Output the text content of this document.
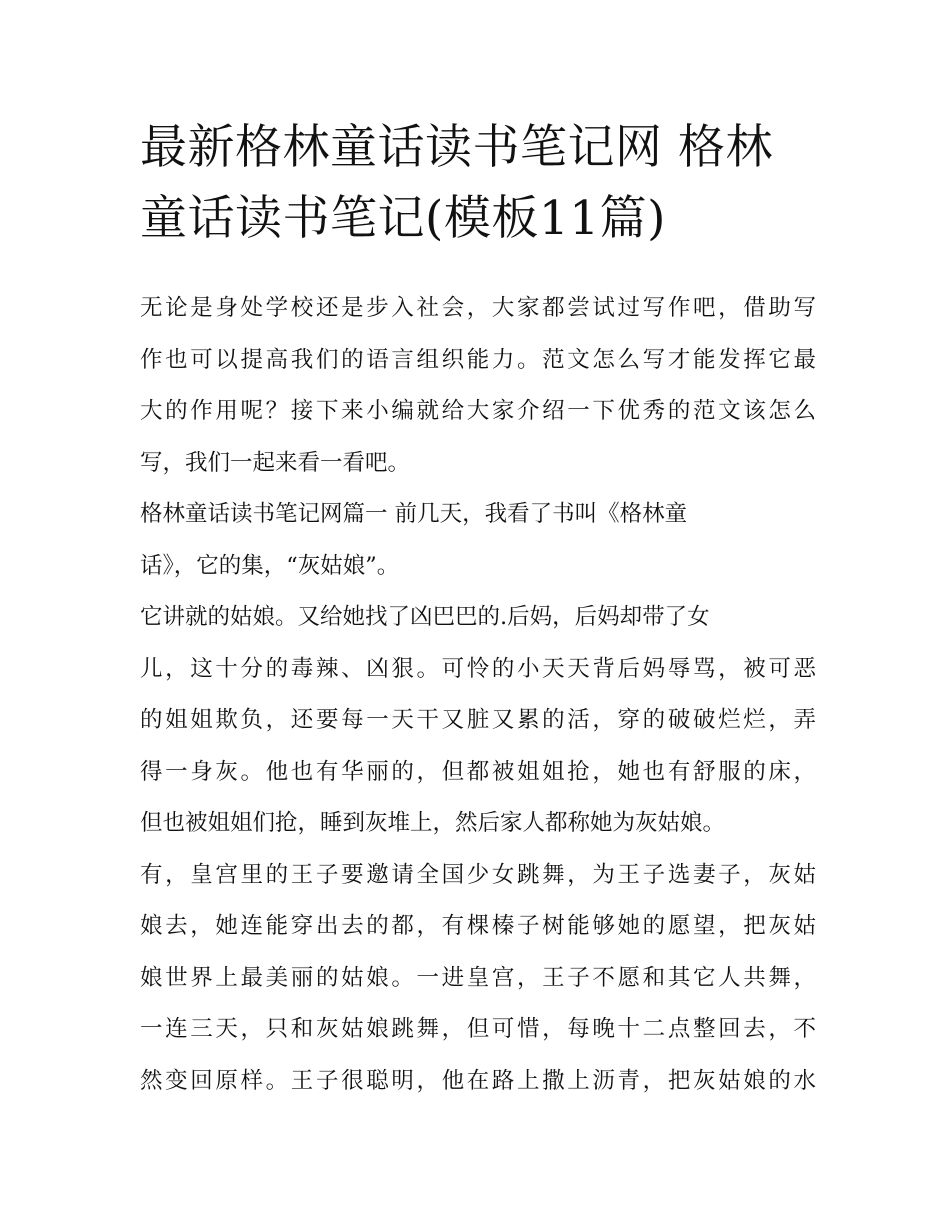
最新格林童话读书笔记网 格林
童话读书笔记(模板11篇)
无论是身处学校还是步入社会，大家都尝试过写作吧，借助写
作也可以提高我们的语言组织能力。范文怎么写才能发挥它最
大的作用呢？接下来小编就给大家介绍一下优秀的范文该怎么
写，我们一起来看一看吧。
格林童话读书笔记网篇一 前几天，我看了书叫《格林童
话》，它的集，“灰姑娘”。
它讲就的姑娘。又给她找了凶巴巴的.后妈，后妈却带了女
儿，这十分的毒辣、凶狠。可怜的小天天背后妈辱骂，被可恶
的姐姐欺负，还要每一天干又脏又累的活，穿的破破烂烂，弄
得一身灰。他也有华丽的，但都被姐姐抢，她也有舒服的床，
但也被姐姐们抢，睡到灰堆上，然后家人都称她为灰姑娘。
有，皇宫里的王子要邀请全国少女跳舞，为王子选妻子，灰姑
娘去，她连能穿出去的都，有棵榛子树能够她的愿望，把灰姑
娘世界上最美丽的姑娘。一进皇宫，王子不愿和其它人共舞，
一连三天，只和灰姑娘跳舞，但可惜，每晚十二点整回去，不
然变回原样。王子很聪明，他在路上撒上沥青，把灰姑娘的水
